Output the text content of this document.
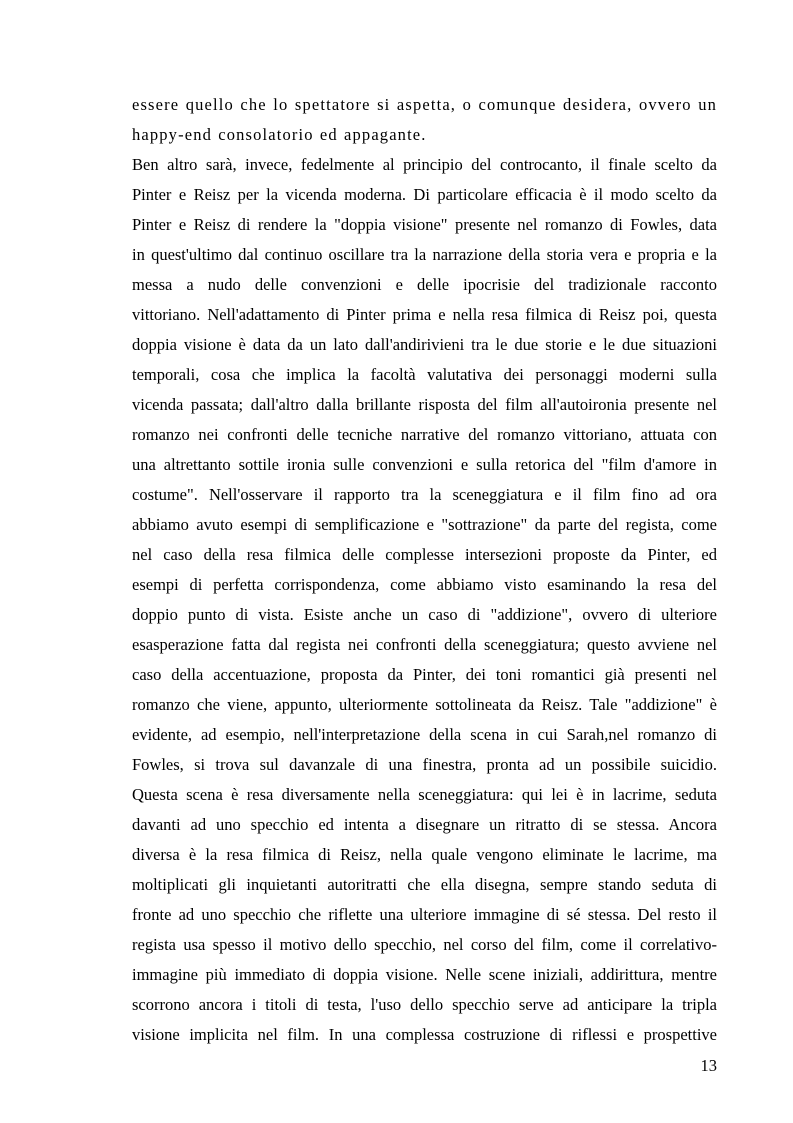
essere quello che lo spettatore si aspetta, o comunque desidera, ovvero un
happy-end consolatorio ed appagante.
Ben altro sarà, invece, fedelmente al principio del controcanto, il finale scelto da
Pinter e Reisz per la vicenda moderna. Di particolare efficacia è il modo scelto da
Pinter e Reisz di rendere la "doppia visione" presente nel romanzo di Fowles, data
in quest'ultimo dal continuo oscillare tra la narrazione della storia vera e propria e la
messa a nudo delle convenzioni e delle ipocrisie del tradizionale racconto
vittoriano. Nell'adattamento di Pinter prima e nella resa filmica di Reisz poi, questa
doppia visione è data da un lato dall'andirivieni tra le due storie e le due situazioni
temporali, cosa che implica la facoltà valutativa dei personaggi moderni sulla
vicenda passata; dall'altro dalla brillante risposta del film all'autoironia presente nel
romanzo nei confronti delle tecniche narrative del romanzo vittoriano, attuata con
una altrettanto sottile ironia sulle convenzioni e sulla retorica del "film d'amore in
costume". Nell'osservare il rapporto tra la sceneggiatura e il film fino ad ora
abbiamo avuto esempi di semplificazione e "sottrazione" da parte del regista, come
nel caso della resa filmica delle complesse intersezioni proposte da Pinter, ed
esempi di perfetta corrispondenza, come abbiamo visto esaminando la resa del
doppio punto di vista. Esiste anche un caso di "addizione", ovvero di ulteriore
esasperazione fatta dal regista nei confronti della sceneggiatura; questo avviene nel
caso della accentuazione, proposta da Pinter, dei toni romantici già presenti nel
romanzo che viene, appunto, ulteriormente sottolineata da Reisz. Tale "addizione" è
evidente, ad esempio, nell'interpretazione della scena in cui Sarah,nel romanzo di
Fowles, si trova sul davanzale di una finestra, pronta ad un possibile suicidio.
Questa scena è resa diversamente nella sceneggiatura: qui lei è in lacrime, seduta
davanti ad uno specchio ed intenta a disegnare un ritratto di se stessa. Ancora
diversa è la resa filmica di Reisz, nella quale vengono eliminate le lacrime, ma
moltiplicati gli inquietanti autoritratti che ella disegna, sempre stando seduta di
fronte ad uno specchio che riflette una ulteriore immagine di sé stessa. Del resto il
regista usa spesso il motivo dello specchio, nel corso del film, come il correlativo-
immagine più immediato di doppia visione. Nelle scene iniziali, addirittura, mentre
scorrono ancora i titoli di testa, l'uso dello specchio serve ad anticipare la tripla
visione implicita nel film. In una complessa costruzione di riflessi e prospettive
13
